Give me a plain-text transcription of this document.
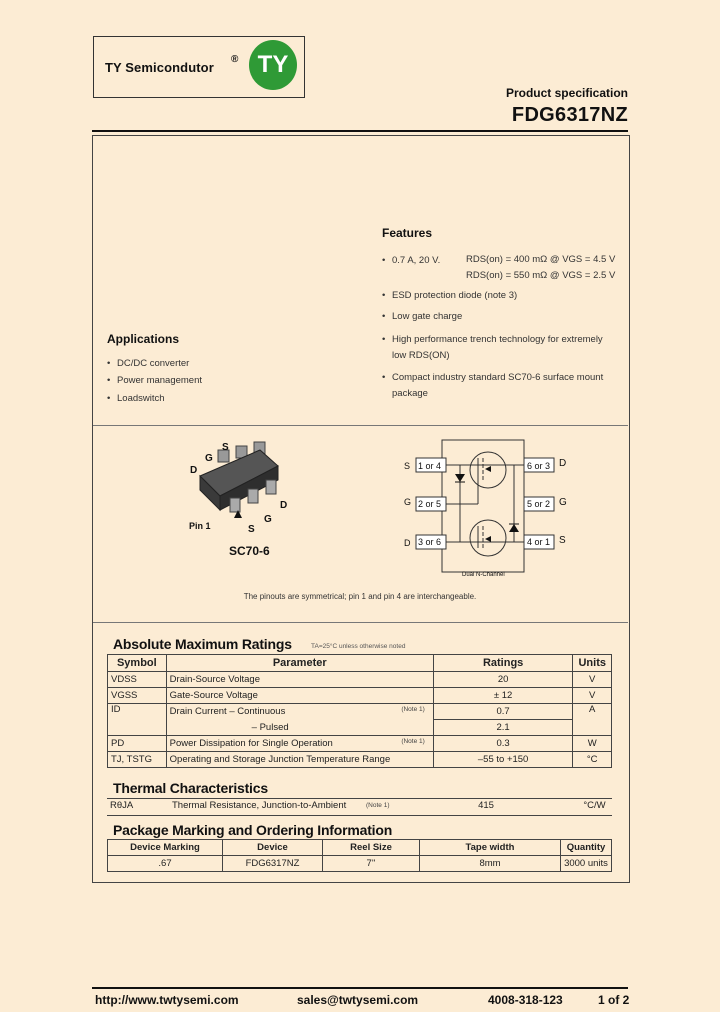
TY Semicondutor
® TY
Product specification
FDG6317NZ
Features
• 0.7 A, 20 V.	RDS(on) = 400 mΩ @ VGS = 4.5 V
RDS(on) = 550 mΩ @ VGS = 2.5 V
• ESD protection diode (note 3)
• Low gate charge
• High performance trench technology for extremely
low RDS(ON)
• Compact industry standard SC70-6 surface mount
package
Applications
• DC/DC converter
• Power management
• Loadswitch
D
G
S
S
G
D
Pin 1
SC70-6
S
G
D
1 or 4
2 or 5
3 or 6
6 or 3
5 or 2
4 or 1
D
G
S
Dual N-Channel
The pinouts are symmetrical; pin 1 and pin 4 are interchangeable.
Absolute Maximum Ratings	TA=25°C unless otherwise noted
Symbol	Parameter	Ratings	Units
VDSS	Drain-Source Voltage	20	V
VGSS	Gate-Source Voltage	± 12	V
ID	Drain Current – Continuous (Note 1)	0.7	A
	– Pulsed	2.1	
PD	Power Dissipation for Single Operation (Note 1)	0.3	W
TJ, TSTG	Operating and Storage Junction Temperature Range	–55 to +150	°C
Thermal Characteristics
RθJA	Thermal Resistance, Junction-to-Ambient	(Note 1)	415	°C/W
Package Marking and Ordering Information
Device Marking	Device	Reel Size	Tape width	Quantity
.67	FDG6317NZ	7''	8mm	3000 units
http://www.twtysemi.com	sales@twtysemi.com	4008-318-123	1 of 2
